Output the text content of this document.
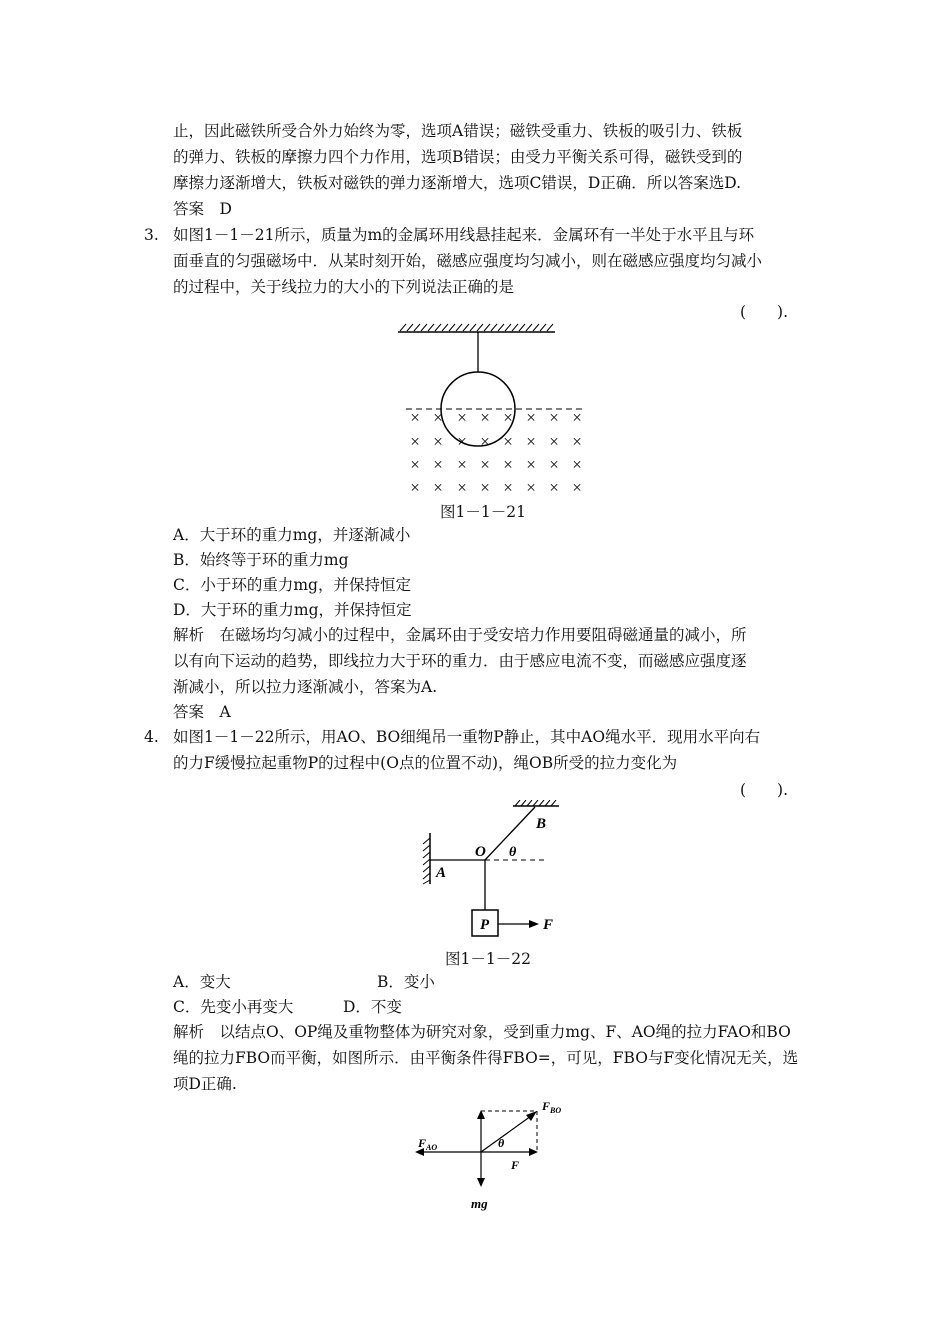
止，因此磁铁所受合外力始终为零，选项A错误；磁铁受重力、铁板的吸引力、铁板
的弹力、铁板的摩擦力四个力作用，选项B错误；由受力平衡关系可得，磁铁受到的
摩擦力逐渐增大，铁板对磁铁的弹力逐渐增大，选项C错误，D正确．所以答案选D.
答案　D
3. 如图1－1－21所示，质量为m的金属环用线悬挂起来．金属环有一半处于水平且与环
面垂直的匀强磁场中．从某时刻开始，磁感应强度均匀减小，则在磁感应强度均匀减小
的过程中，关于线拉力的大小的下列说法正确的是
(　　).
× × × × × × × ×
× × × × × × × ×
× × × × × × × ×
× × × × × × × ×
图1－1－21
A．大于环的重力mg，并逐渐减小
B．始终等于环的重力mg
C．小于环的重力mg，并保持恒定
D．大于环的重力mg，并保持恒定
解析　在磁场均匀减小的过程中，金属环由于受安培力作用要阻碍磁通量的减小，所
以有向下运动的趋势，即线拉力大于环的重力．由于感应电流不变，而磁感应强度逐
渐减小，所以拉力逐渐减小，答案为A.
答案　A
4. 如图1－1－22所示，用AO、BO细绳吊一重物P静止，其中AO绳水平．现用水平向右
的力F缓慢拉起重物P的过程中(O点的位置不动)，绳OB所受的拉力变化为
(　　).
B
O θ
A
P	F
图1－1－22
A．变大	B．变小
C．先变小再变大	D．不变
解析　以结点O、OP绳及重物整体为研究对象，受到重力mg、F、AO绳的拉力FAO和BO
绳的拉力FBO而平衡，如图所示．由平衡条件得FBO=，可见，FBO与F变化情况无关，选
项D正确.
$F_{BO}$
$F_{AO}$	θ
F
mg
